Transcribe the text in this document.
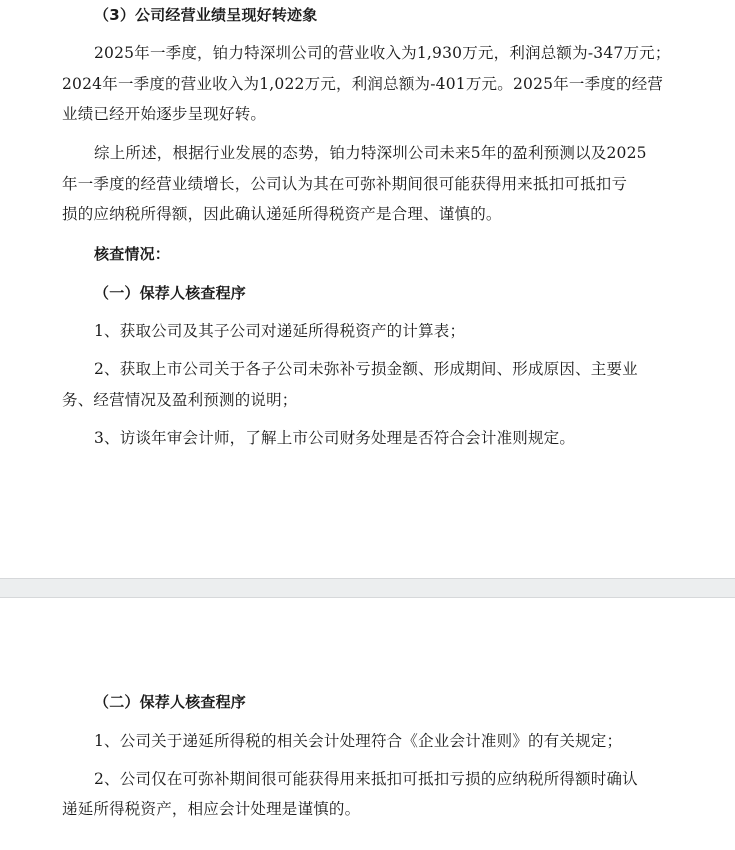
（3）公司经营业绩呈现好转迹象
2025年一季度，铂力特深圳公司的营业收入为1,930万元，利润总额为-347万元；
2024年一季度的营业收入为1,022万元，利润总额为-401万元。2025年一季度的经营
业绩已经开始逐步呈现好转。
综上所述，根据行业发展的态势，铂力特深圳公司未来5年的盈利预测以及2025
年一季度的经营业绩增长，公司认为其在可弥补期间很可能获得用来抵扣可抵扣亏
损的应纳税所得额，因此确认递延所得税资产是合理、谨慎的。
核查情况：
（一）保荐人核查程序
1、获取公司及其子公司对递延所得税资产的计算表；
2、获取上市公司关于各子公司未弥补亏损金额、形成期间、形成原因、主要业
务、经营情况及盈利预测的说明；
3、访谈年审会计师，了解上市公司财务处理是否符合会计准则规定。
（二）保荐人核查程序
1、公司关于递延所得税的相关会计处理符合《企业会计准则》的有关规定；
2、公司仅在可弥补期间很可能获得用来抵扣可抵扣亏损的应纳税所得额时确认
递延所得税资产，相应会计处理是谨慎的。
